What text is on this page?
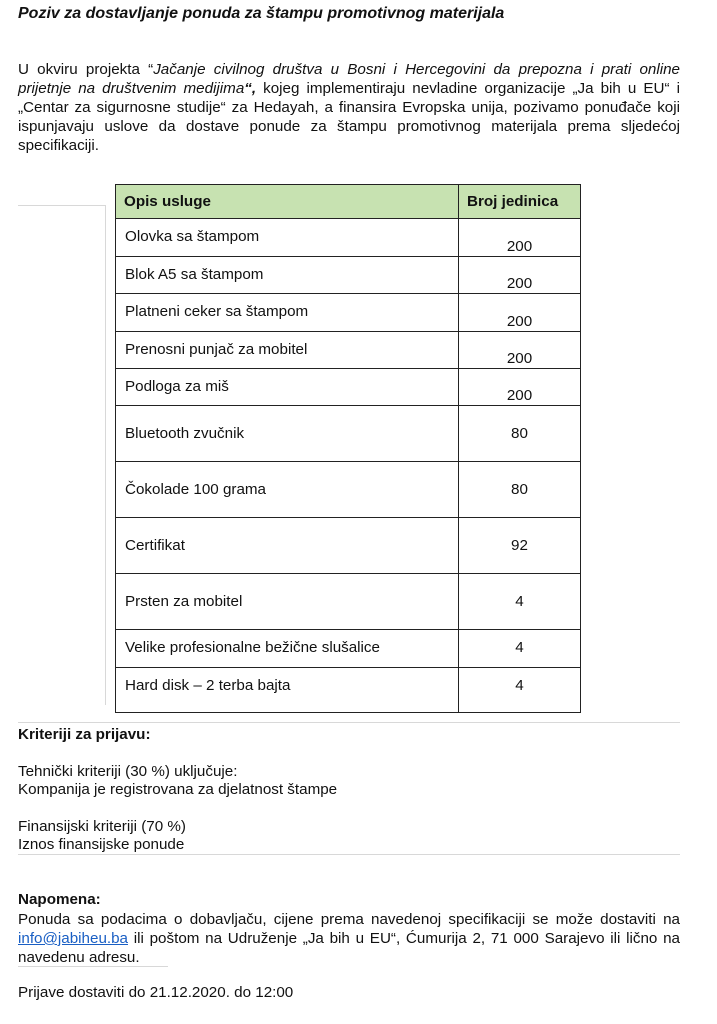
Poziv za dostavljanje ponuda za štampu promotivnog materijala
U okviru projekta “Jačanje civilnog društva u Bosni i Hercegovini da prepozna i prati online prijetnje na društvenim medijima“, kojeg implementiraju nevladine organizacije „Ja bih u EU“ i „Centar za sigurnosne studije“ za Hedayah, a finansira Evropska unija, pozivamo ponuđače koji ispunjavaju uslove da dostave ponude za štampu promotivnog materijala prema sljedećoj specifikaciji.
Opis usluge	Broj jedinica
Olovka sa štampom	200
Blok A5 sa štampom	200
Platneni ceker sa štampom	200
Prenosni punjač za mobitel	200
Podloga za miš	200
Bluetooth zvučnik	80
Čokolade 100 grama	80
Certifikat	92
Prsten za mobitel	4
Velike profesionalne bežične slušalice	4
Hard disk – 2 terba bajta	4
Kriteriji za prijavu:
Tehnički kriteriji (30 %) uključuje:
Kompanija je registrovana za djelatnost štampe
Finansijski kriteriji (70 %)
Iznos finansijske ponude
Napomena:
Ponuda sa podacima o dobavljaču, cijene prema navedenoj specifikaciji se može dostaviti na info@jabiheu.ba ili poštom na Udruženje „Ja bih u EU“, Ćumurija 2, 71 000 Sarajevo ili lično na navedenu adresu.
Prijave dostaviti do 21.12.2020. do 12:00
